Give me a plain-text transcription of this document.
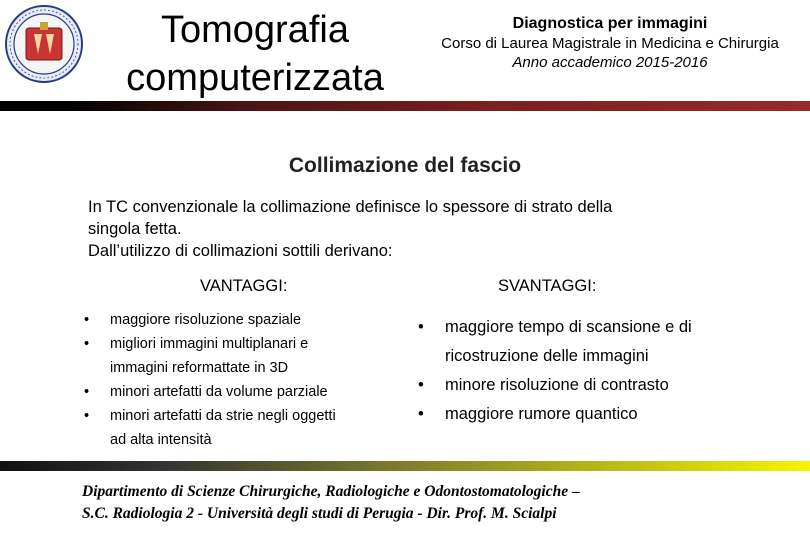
Tomografia
computerizzata
Diagnostica per immagini
Corso di Laurea Magistrale in Medicina e Chirurgia
Anno accademico 2015-2016
Collimazione del fascio
In TC convenzionale la collimazione definisce lo spessore di strato della
singola fetta.
Dall’utilizzo di collimazioni sottili derivano:
VANTAGGI:	SVANTAGGI:
• maggiore risoluzione spaziale
• migliori immagini multiplanari e
immagini reformattate in 3D
• minori artefatti da volume parziale
• minori artefatti da strie negli oggetti
ad alta intensità
• maggiore tempo di scansione e di
ricostruzione delle immagini
• minore risoluzione di contrasto
• maggiore rumore quantico
Dipartimento di Scienze Chirurgiche, Radiologiche e Odontostomatologiche –
S.C. Radiologia 2 - Università degli studi di Perugia - Dir. Prof. M. Scialpi
